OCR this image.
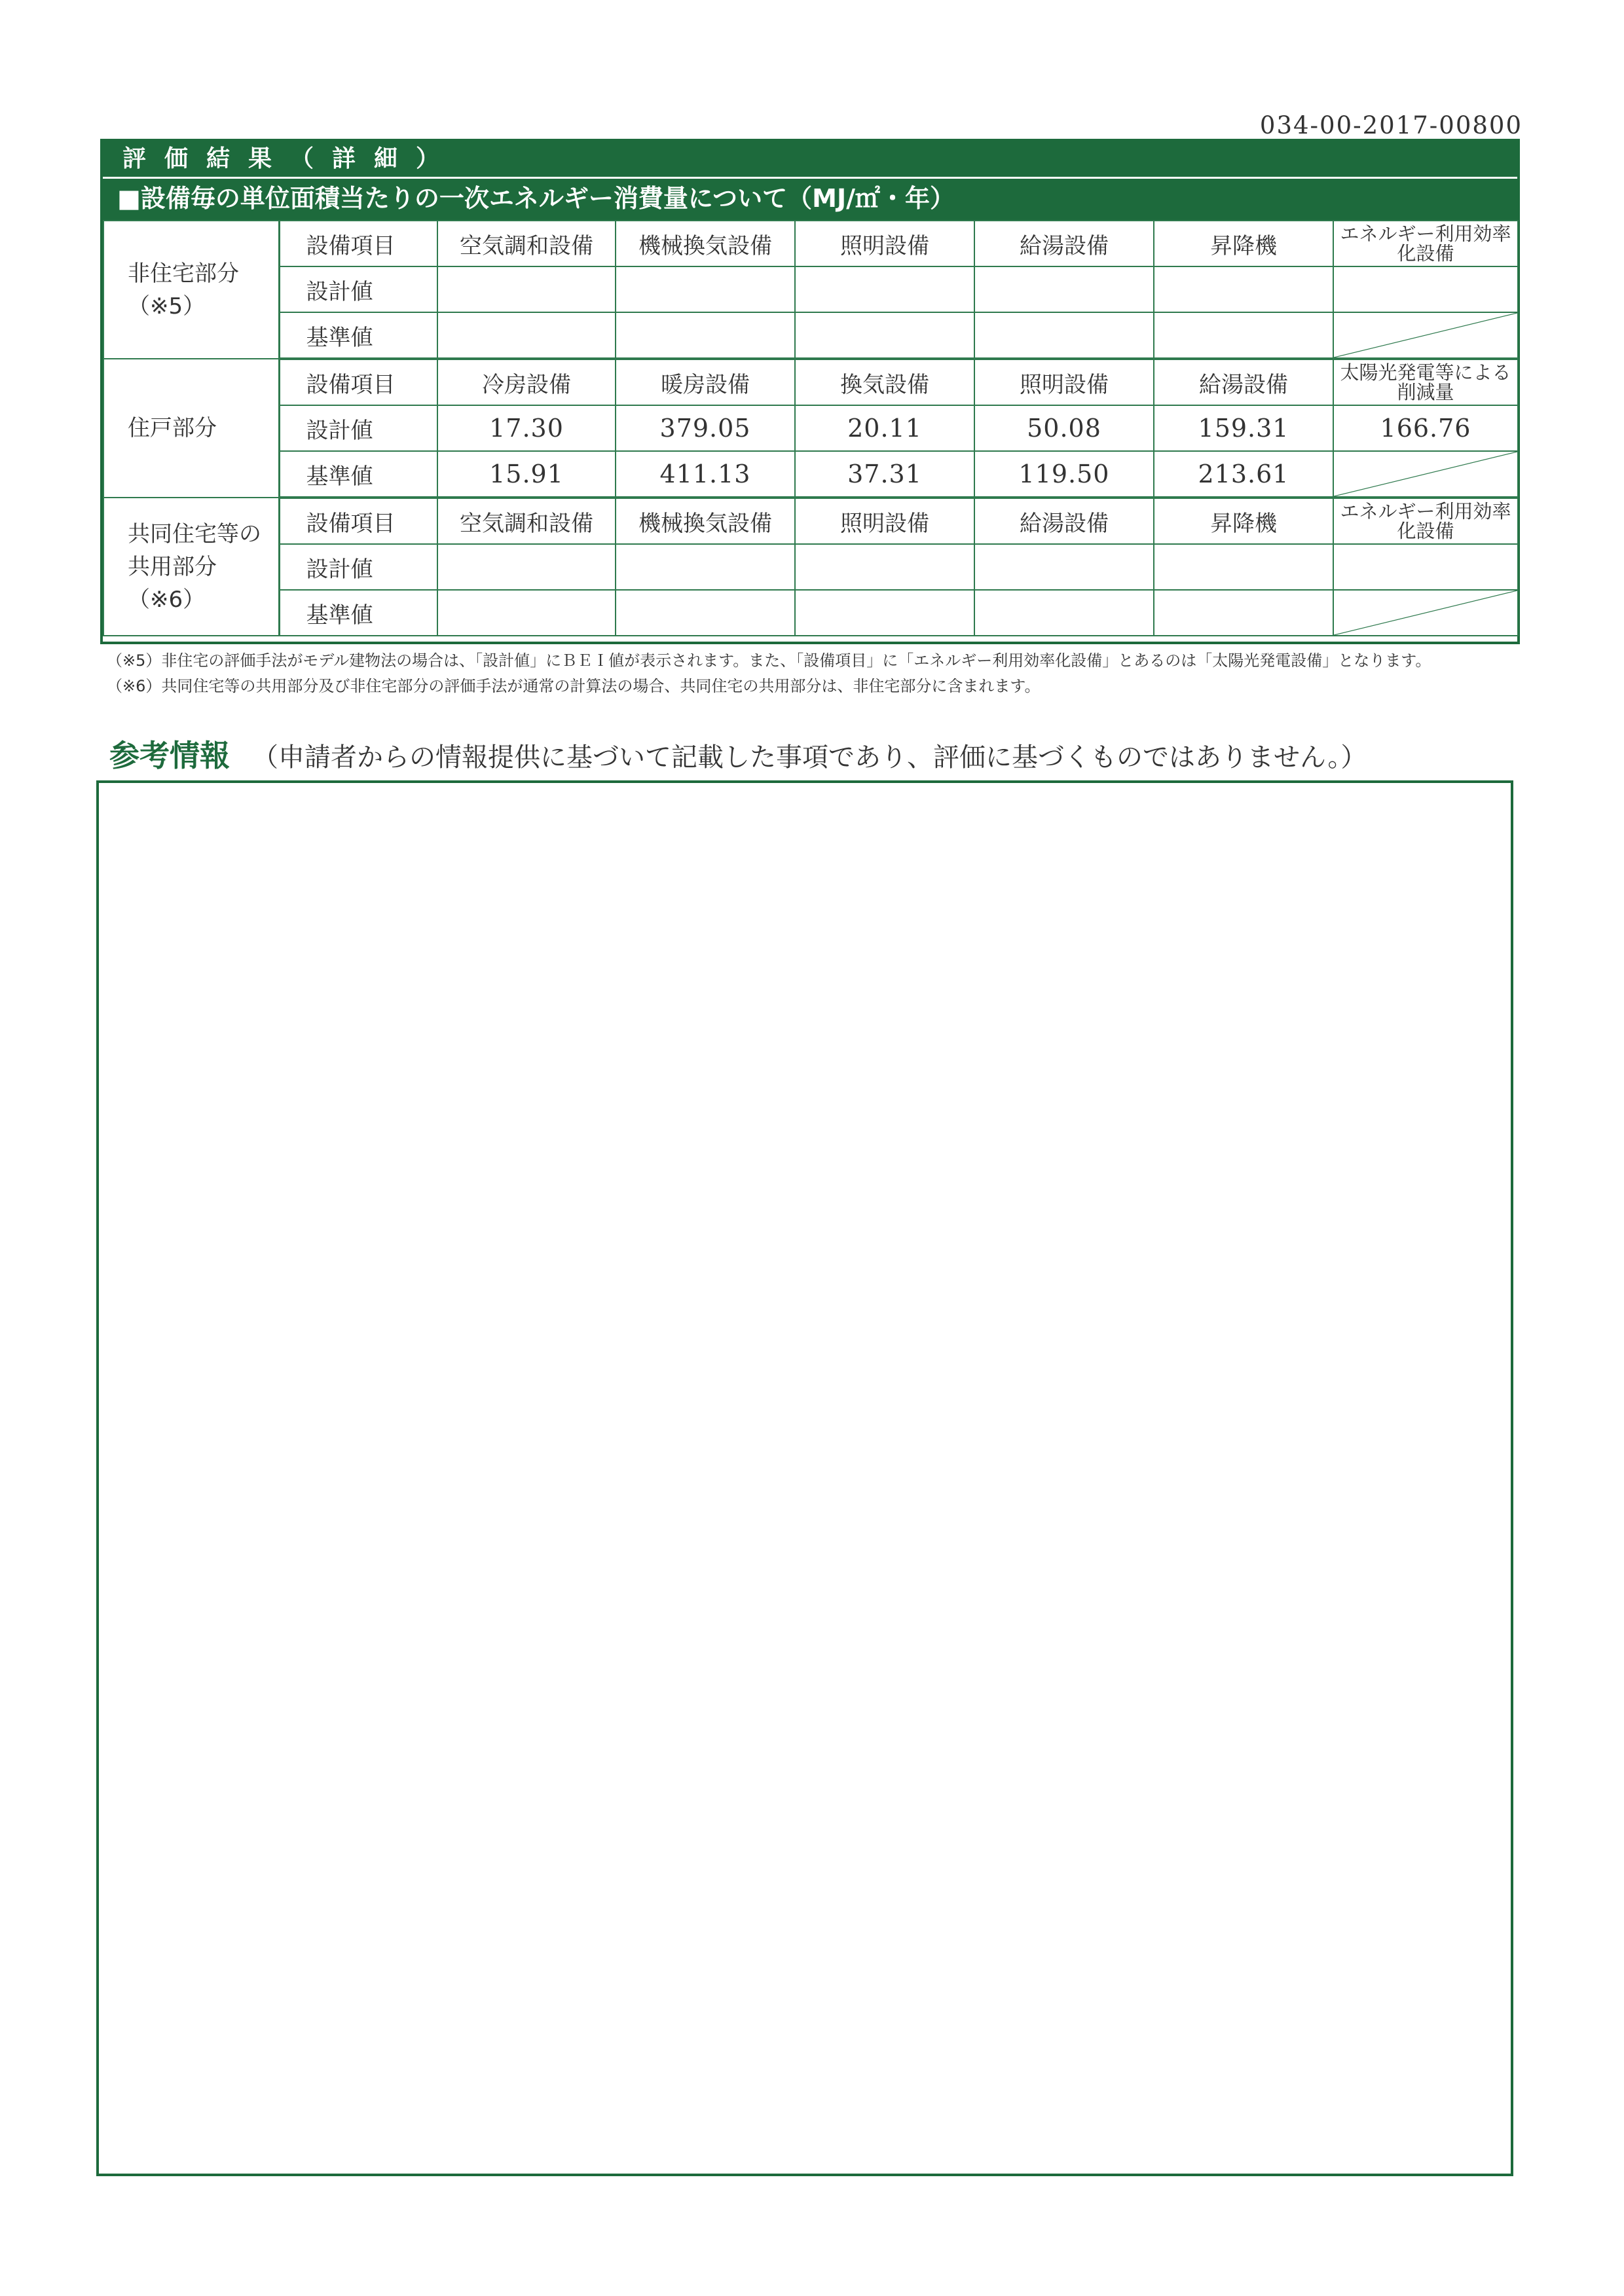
034-00-2017-00800
評価結果（詳細）
■設備毎の単位面積当たりの一次エネルギー消費量について（MJ/㎡・年）
非住宅部分（※5）	設備項目	空気調和設備	機械換気設備	照明設備	給湯設備	昇降機	エネルギー利用効率化設備
	設計値						
	基準値						

住戸部分	設備項目	冷房設備	暖房設備	換気設備	照明設備	給湯設備	太陽光発電等による削減量
	設計値	17.30	379.05	20.11	50.08	159.31	166.76
	基準値	15.91	411.13	37.31	119.50	213.61	

共同住宅等の共用部分（※6）	設備項目	空気調和設備	機械換気設備	照明設備	給湯設備	昇降機	エネルギー利用効率化設備
	設計値						
	基準値						
（※5）非住宅の評価手法がモデル建物法の場合は、「設計値」にＢＥＩ値が表示されます。また、「設備項目」に「エネルギー利用効率化設備」とあるのは「太陽光発電設備」となります。
（※6）共同住宅等の共用部分及び非住宅部分の評価手法が通常の計算法の場合、共同住宅の共用部分は、非住宅部分に含まれます。
参考情報 （申請者からの情報提供に基づいて記載した事項であり、評価に基づくものではありません。）
